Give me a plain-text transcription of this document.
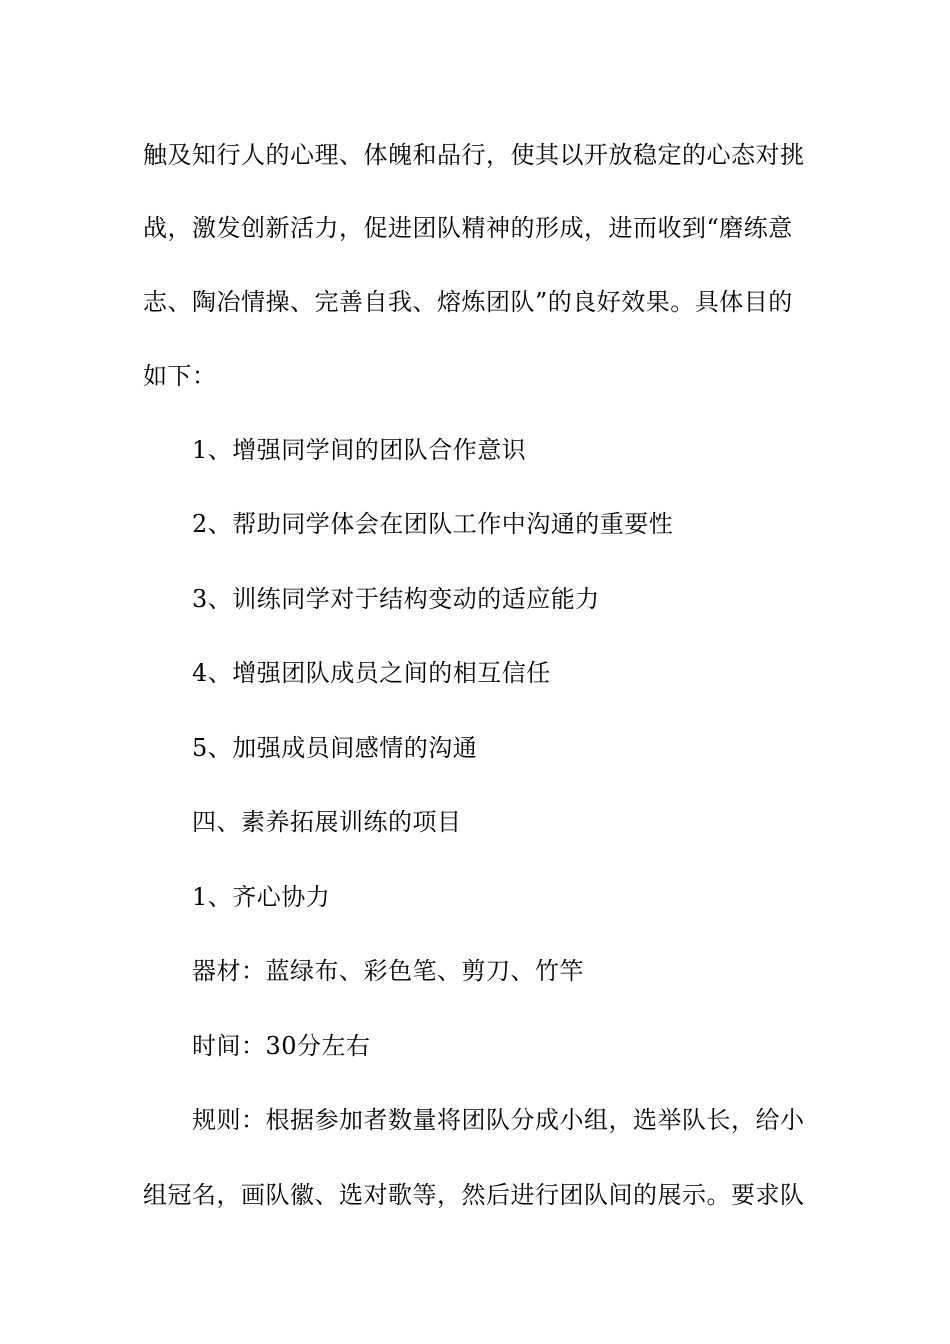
触及知行人的心理、体魄和品行，使其以开放稳定的心态对挑
战，激发创新活力，促进团队精神的形成，进而收到“磨练意
志、陶冶情操、完善自我、熔炼团队”的良好效果。具体目的
如下：
1、增强同学间的团队合作意识
2、帮助同学体会在团队工作中沟通的重要性
3、训练同学对于结构变动的适应能力
4、增强团队成员之间的相互信任
5、加强成员间感情的沟通
四、素养拓展训练的项目
1、齐心协力
器材：蓝绿布、彩色笔、剪刀、竹竿
时间：30分左右
规则：根据参加者数量将团队分成小组，选举队长，给小
组冠名，画队徽、选对歌等，然后进行团队间的展示。要求队
